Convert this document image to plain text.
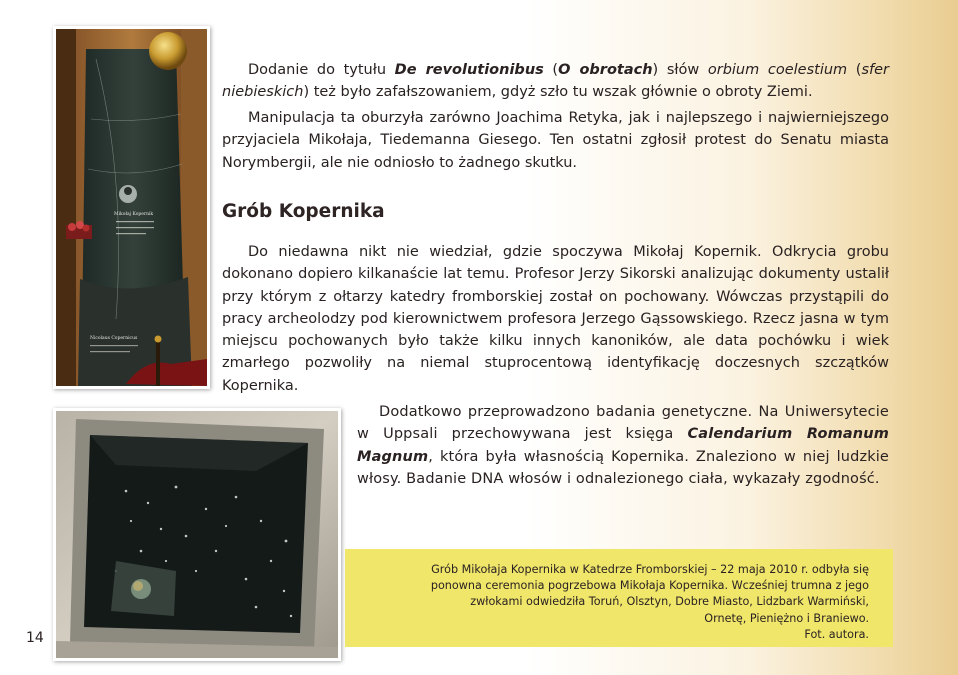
Mikołaj Kopernik
Nicolaus Copernicus

Dodanie do tytułu De revolutionibus (O obrotach) słów orbium coelestium (sfer niebieskich) też było zafałszowaniem, gdyż szło tu wszak głównie o obroty Ziemi.

Manipulacja ta oburzyła zarówno Joachima Retyka, jak i najlepszego i najwierniejszego przyjaciela Mikołaja, Tiedemanna Giesego. Ten ostatni zgłosił protest do Senatu miasta Norymbergii, ale nie odniosło to żadnego skutku.

Grób Kopernika

Do niedawna nikt nie wiedział, gdzie spoczywa Mikołaj Kopernik. Odkrycia grobu dokonano dopiero kilkanaście lat temu. Profesor Jerzy Sikorski analizując dokumenty ustalił przy którym z ołtarzy katedry fromborskiej został on pochowany. Wówczas przystąpili do pracy archeolodzy pod kierownictwem profesora Jerzego Gąssowskiego. Rzecz jasna w tym miejscu pochowanych było także kilku innych kanoników, ale data pochówku i wiek zmarłego pozwoliły na niemal stuprocentową identyfikację doczesnych szczątków Kopernika.

Dodatkowo przeprowadzono badania genetyczne. Na Uniwersytecie w Uppsali przechowywana jest księga Calendarium Romanum Magnum, która była własnością Kopernika. Znaleziono w niej ludzkie włosy. Badanie DNA włosów i odnalezionego ciała, wykazały zgodność.

Grób Mikołaja Kopernika w Katedrze Fromborskiej – 22 maja 2010 r. odbyła się
ponowna ceremonia pogrzebowa Mikołaja Kopernika. Wcześniej trumna z jego
zwłokami odwiedziła Toruń, Olsztyn, Dobre Miasto, Lidzbark Warmiński,
Ornetę, Pieniężno i Braniewo.
Fot. autora.
14
